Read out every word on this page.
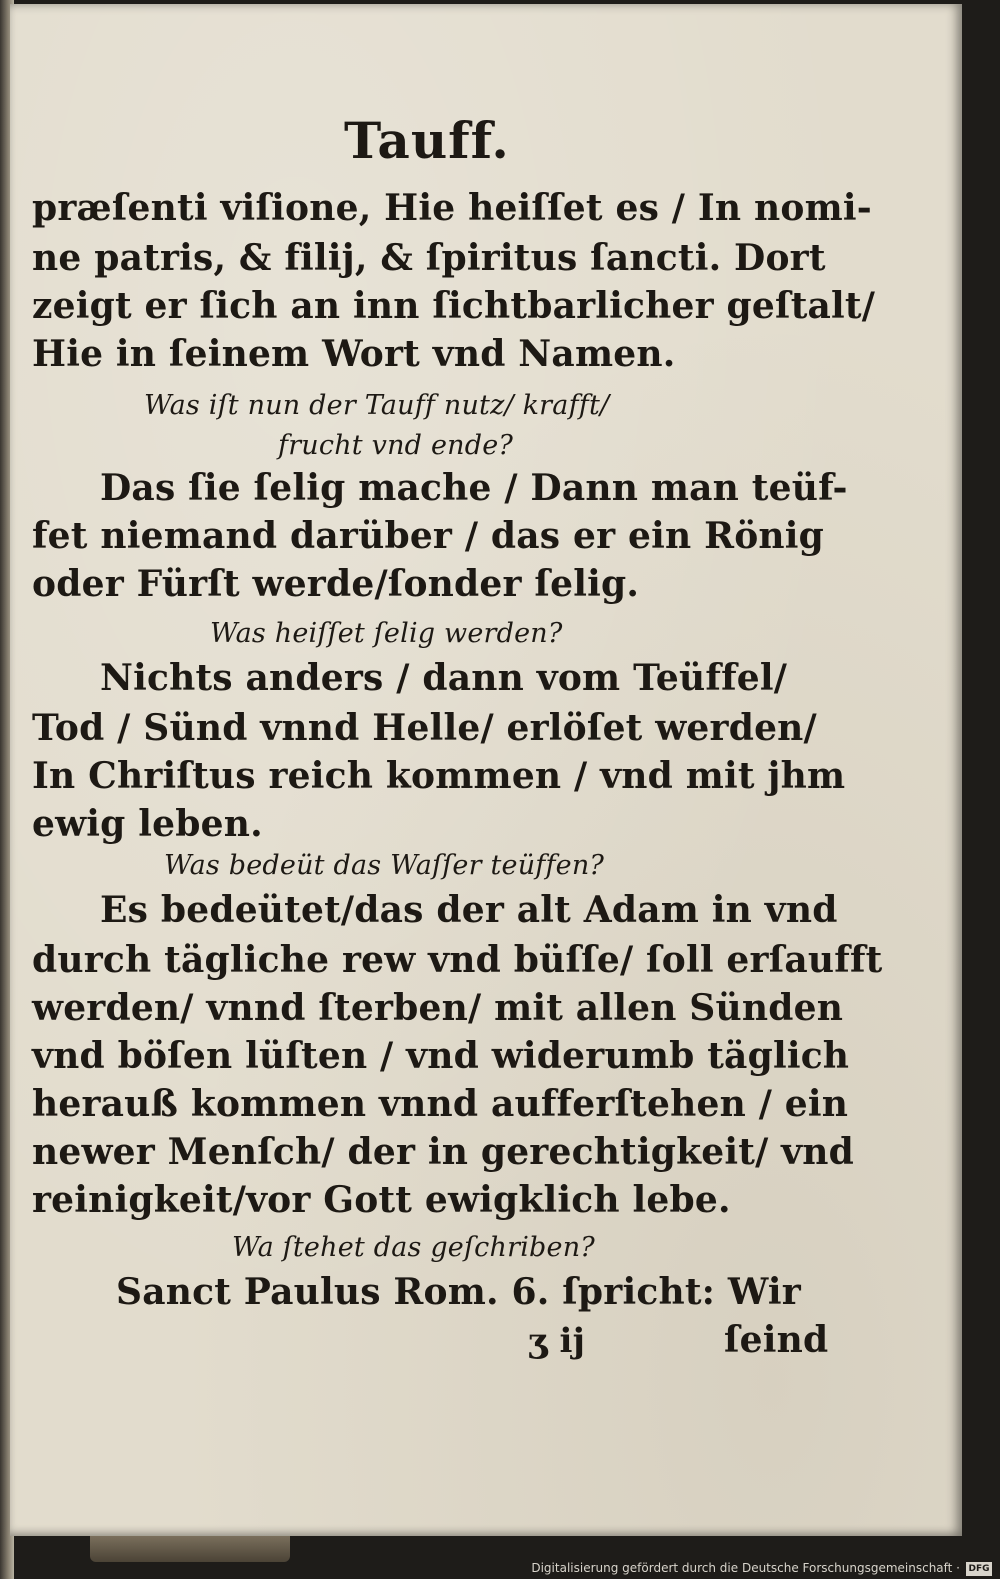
Tauff.
præſenti viſione, Hie heiſſet es / In nomi-
ne patris, & filij, & ſpiritus ſancti. Dort
zeigt er ſich an inn ſichtbarlicher geſtalt/
Hie in ſeinem Wort vnd Namen.
Was iſt nun der Tauff nutz/ krafft/
frucht vnd ende?
Das ſie ſelig mache / Dann man teüf-
fet niemand darüber / das er ein Rönig
oder Fürſt werde/ſonder ſelig.
Was heiſſet ſelig werden?
Nichts anders / dann vom Teüffel/
Tod / Sünd vnnd Helle/ erlöſet werden/
In Chriſtus reich kommen / vnd mit jhm
ewig leben.
Was bedeüt das Waſſer teüffen?
Es bedeütet/das der alt Adam in vnd
durch tägliche rew vnd büſſe/ ſoll erſaufft
werden/ vnnd ſterben/ mit allen Sünden
vnd böſen lüſten / vnd widerumb täglich
herauß kommen vnnd aufferſtehen / ein
newer Menſch/ der in gerechtigkeit/ vnd
reinigkeit/vor Gott ewigklich lebe.
Wa ſtehet das geſchriben?
Sanct Paulus Rom. 6. ſpricht: Wir
ʒ ij	ſeind
Digitalisierung gefördert durch die Deutsche Forschungsgemeinschaft · DFG
